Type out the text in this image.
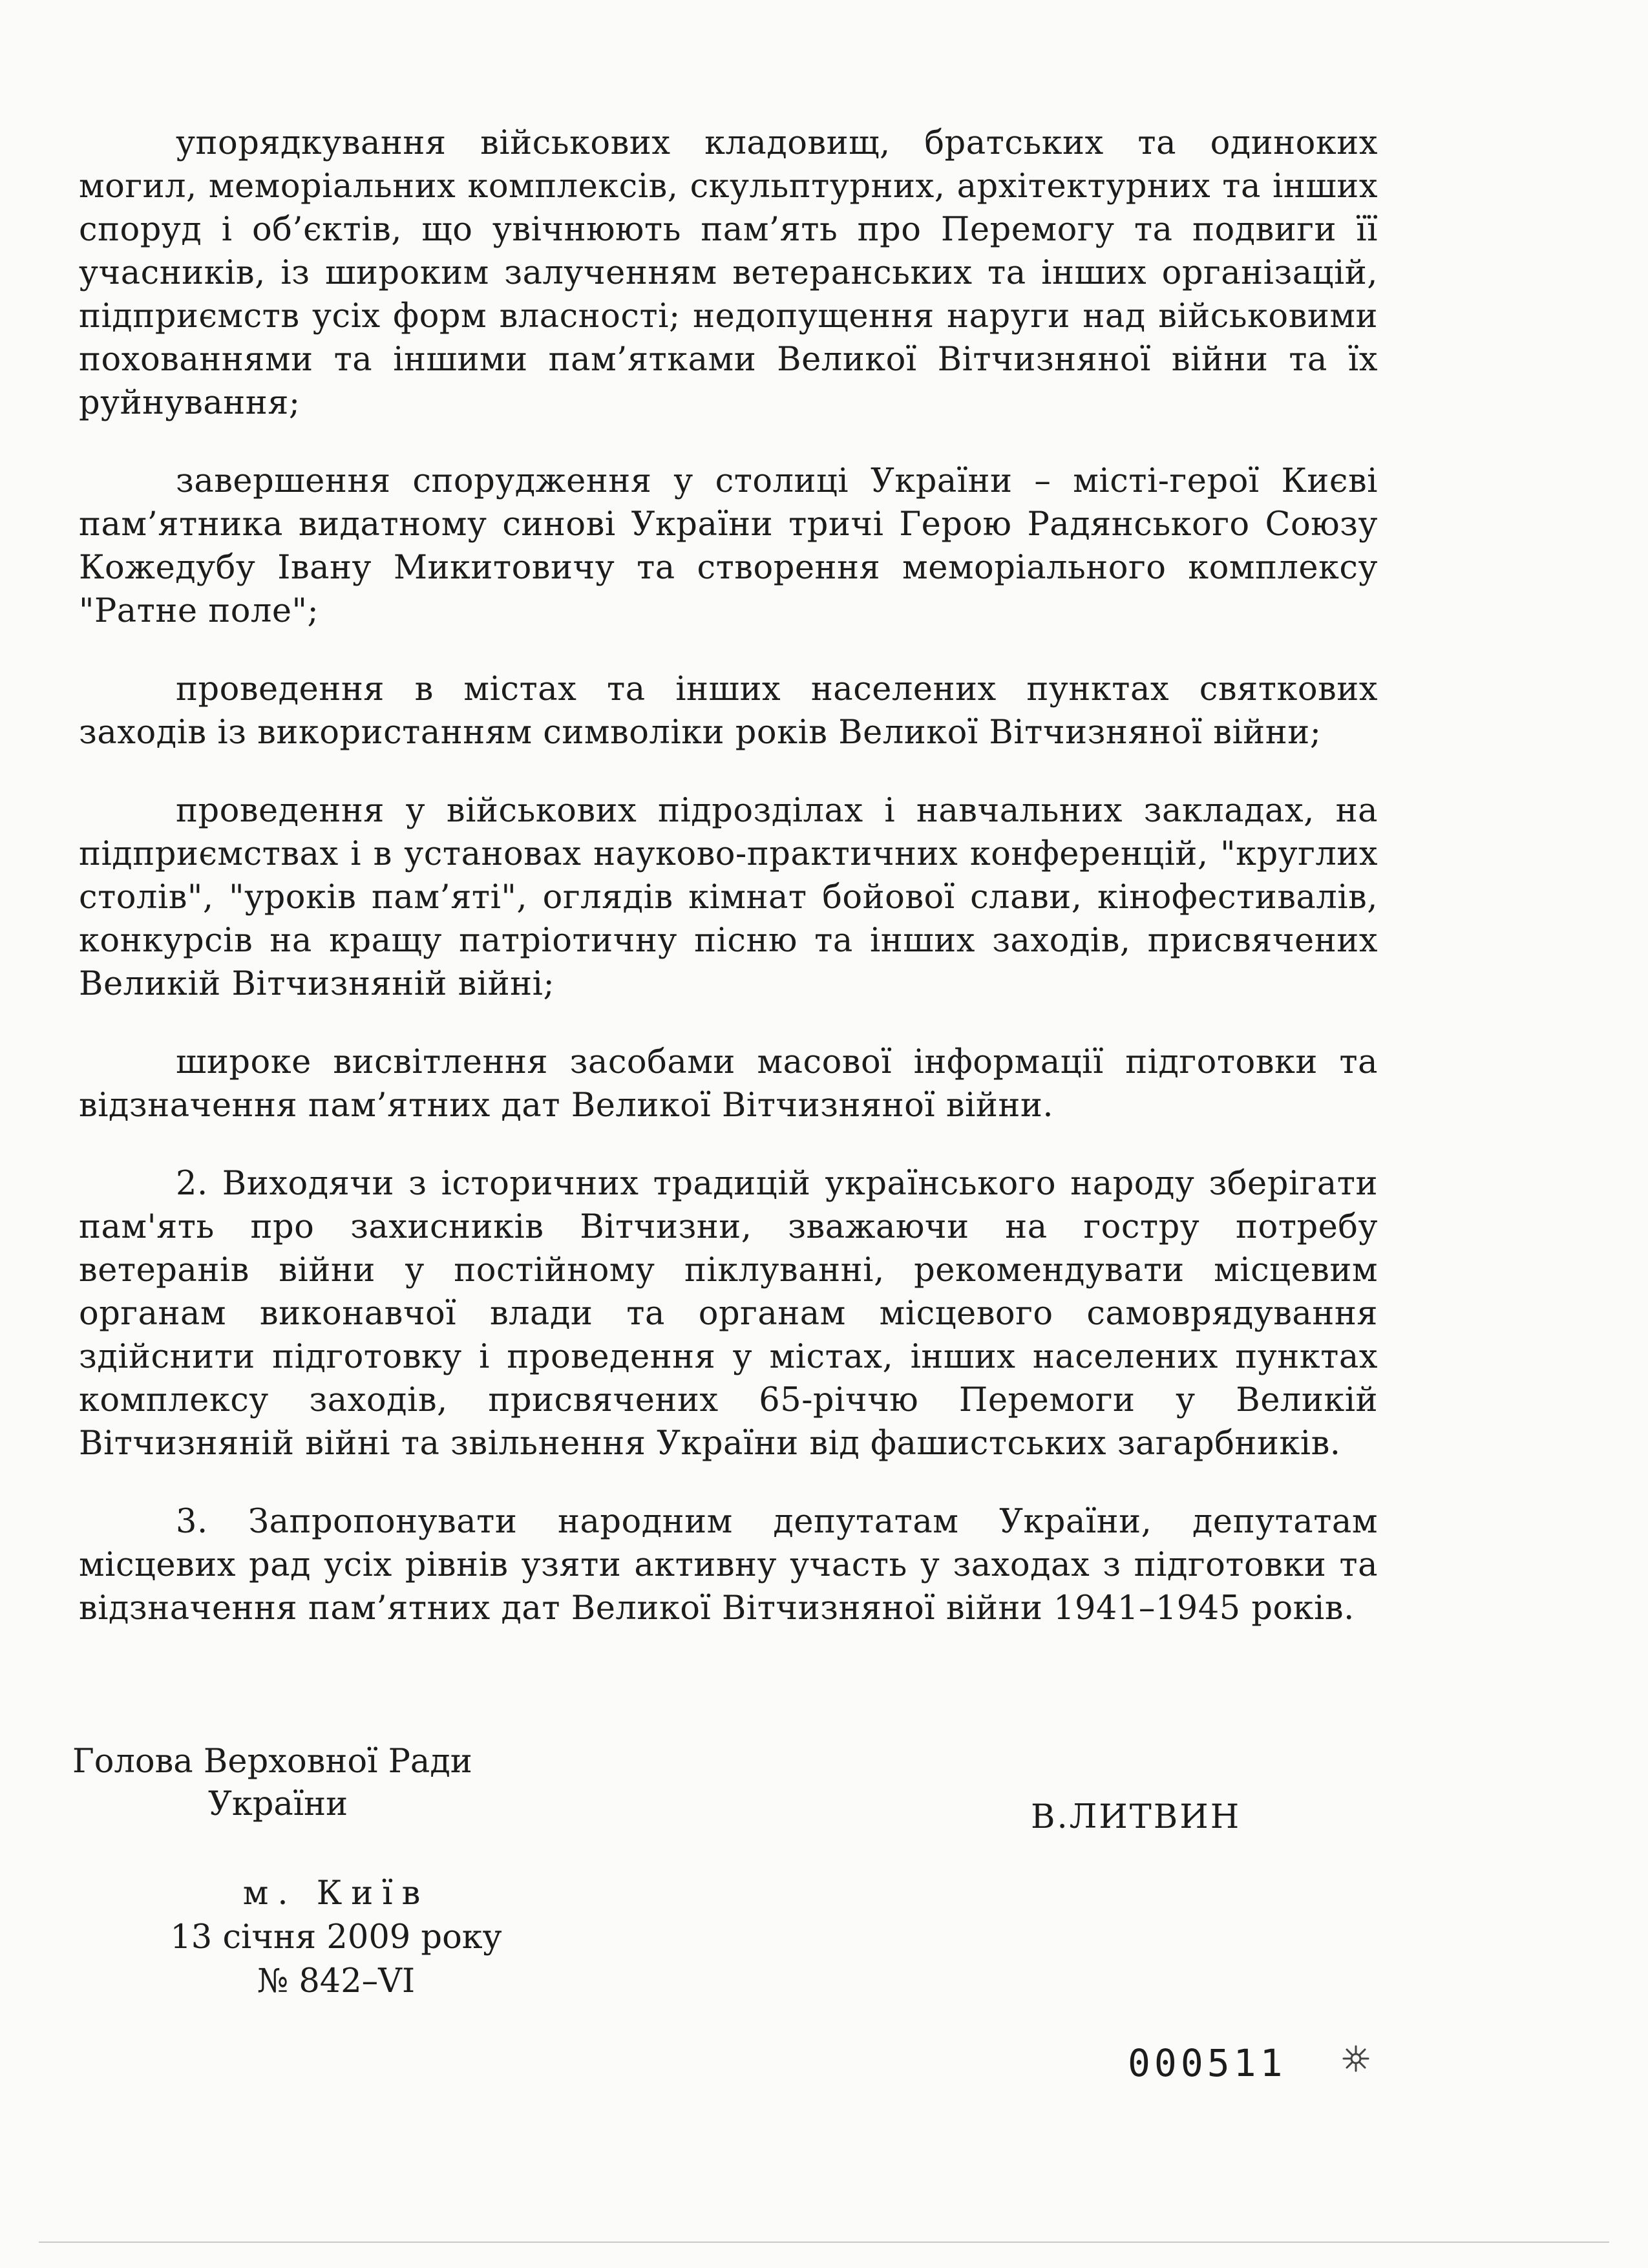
упорядкування військових кладовищ, братських та одиноких могил, меморіальних комплексів, скульптурних, архітектурних та інших споруд і об’єктів, що увічнюють пам’ять про Перемогу та подвиги її учасників, із широким залученням ветеранських та інших організацій, підприємств усіх форм власності; недопущення наруги над військовими похованнями та іншими пам’ятками Великої Вітчизняної війни та їх руйнування;

завершення спорудження у столиці України – місті-герої Києві пам’ятника видатному синові України тричі Герою Радянського Союзу Кожедубу Івану Микитовичу та створення меморіального комплексу "Ратне поле";

проведення в містах та інших населених пунктах святкових заходів із використанням символіки років Великої Вітчизняної війни;

проведення у військових підрозділах і навчальних закладах, на підприємствах і в установах науково-практичних конференцій, "круглих столів", "уроків пам’яті", оглядів кімнат бойової слави, кінофестивалів, конкурсів на кращу патріотичну пісню та інших заходів, присвячених Великій Вітчизняній війні;

широке висвітлення засобами масової інформації підготовки та відзначення пам’ятних дат Великої Вітчизняної війни.

2. Виходячи з історичних традицій українського народу зберігати пам'ять про захисників Вітчизни, зважаючи на гостру потребу ветеранів війни у постійному піклуванні, рекомендувати місцевим органам виконавчої влади та органам місцевого самоврядування здійснити підготовку і проведення у містах, інших населених пунктах комплексу заходів, присвячених 65-річчю Перемоги у Великій Вітчизняній війні та звільнення України від фашистських загарбників.

3. Запропонувати народним депутатам України, депутатам місцевих рад усіх рівнів узяти активну участь у заходах з підготовки та відзначення пам’ятних дат Великої Вітчизняної війни 1941–1945 років.

Голова Верховної Ради
України	В.ЛИТВИН
м. Київ
13 січня 2009 року
№ 842–VI
000511
